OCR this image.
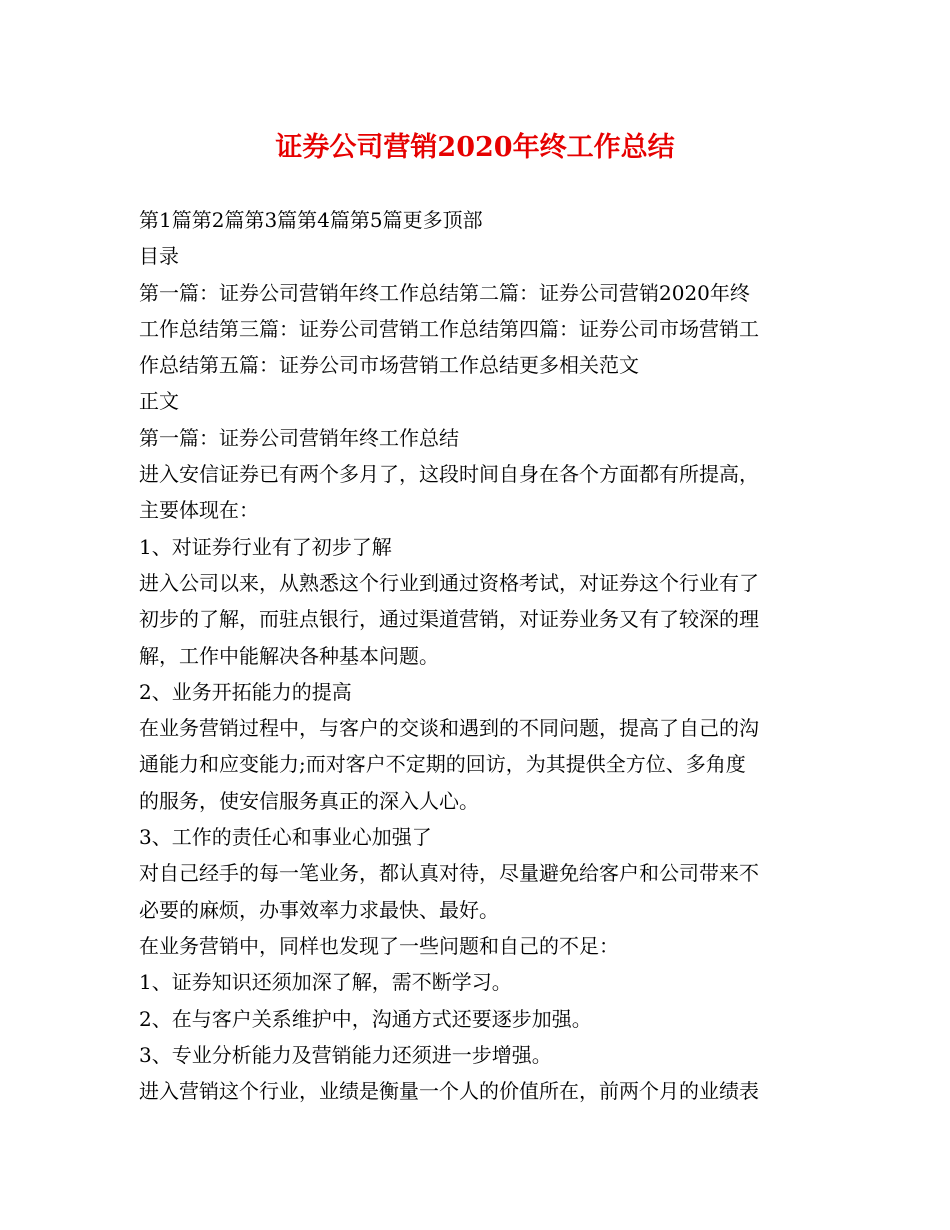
证券公司营销2020年终工作总结

第1篇第2篇第3篇第4篇第5篇更多顶部

目录

第一篇：证券公司营销年终工作总结第二篇：证券公司营销2020年终

工作总结第三篇：证券公司营销工作总结第四篇：证券公司市场营销工

作总结第五篇：证券公司市场营销工作总结更多相关范文

正文

第一篇：证券公司营销年终工作总结

进入安信证券已有两个多月了，这段时间自身在各个方面都有所提高，

主要体现在：

1、对证券行业有了初步了解

进入公司以来，从熟悉这个行业到通过资格考试，对证券这个行业有了

初步的了解，而驻点银行，通过渠道营销，对证券业务又有了较深的理

解，工作中能解决各种基本问题。

2、业务开拓能力的提高

在业务营销过程中，与客户的交谈和遇到的不同问题，提高了自己的沟

通能力和应变能力;而对客户不定期的回访，为其提供全方位、多角度

的服务，使安信服务真正的深入人心。

3、工作的责任心和事业心加强了

对自己经手的每一笔业务，都认真对待，尽量避免给客户和公司带来不

必要的麻烦，办事效率力求最快、最好。

在业务营销中，同样也发现了一些问题和自己的不足：

1、证券知识还须加深了解，需不断学习。

2、在与客户关系维护中，沟通方式还要逐步加强。

3、专业分析能力及营销能力还须进一步增强。

进入营销这个行业，业绩是衡量一个人的价值所在，前两个月的业绩表
